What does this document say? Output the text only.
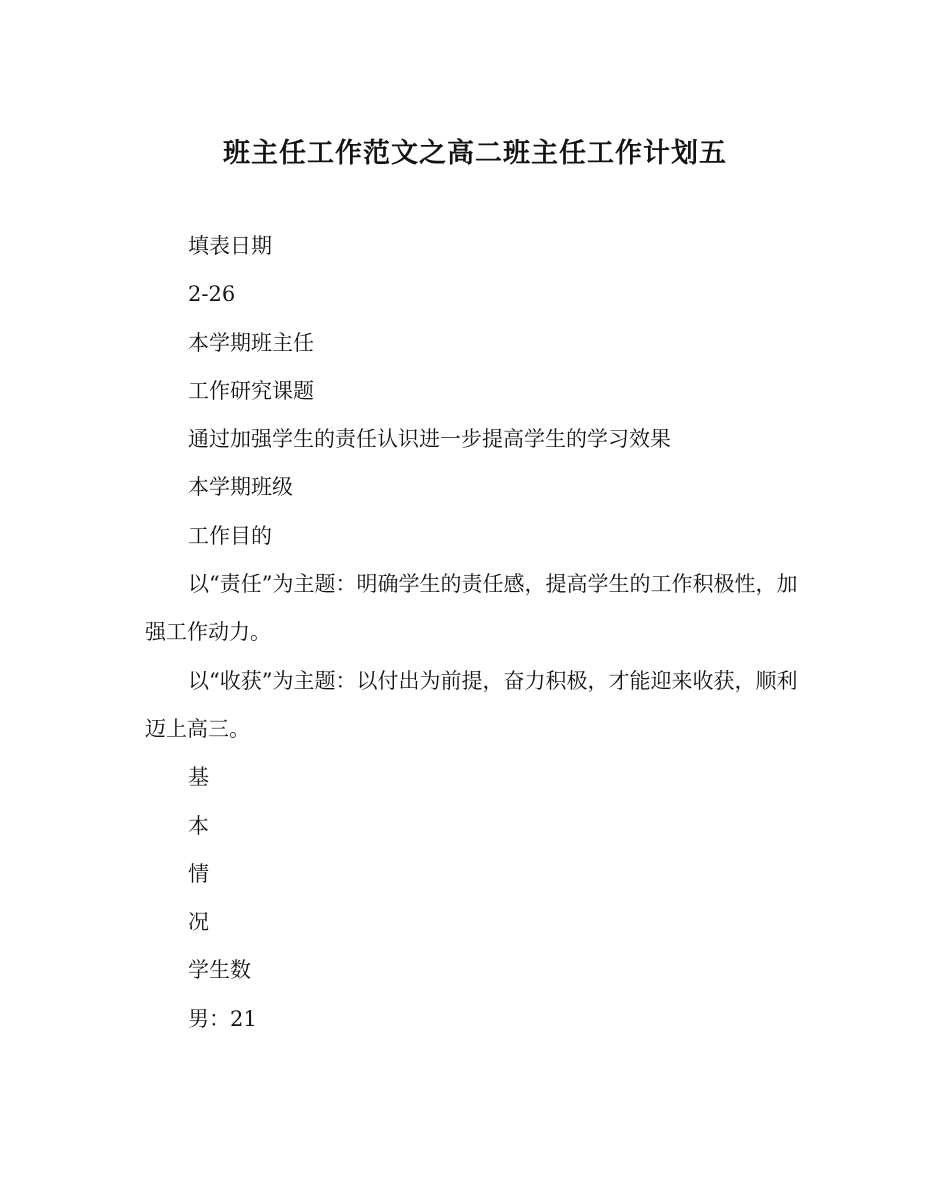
班主任工作范文之高二班主任工作计划五

填表日期

2-26

本学期班主任

工作研究课题

通过加强学生的责任认识进一步提高学生的学习效果

本学期班级

工作目的

以“责任”为主题：明确学生的责任感，提高学生的工作积极性，加强工作动力。

以“收获”为主题：以付出为前提，奋力积极，才能迎来收获，顺利迈上高三。

基

本

情

况

学生数

男：21
